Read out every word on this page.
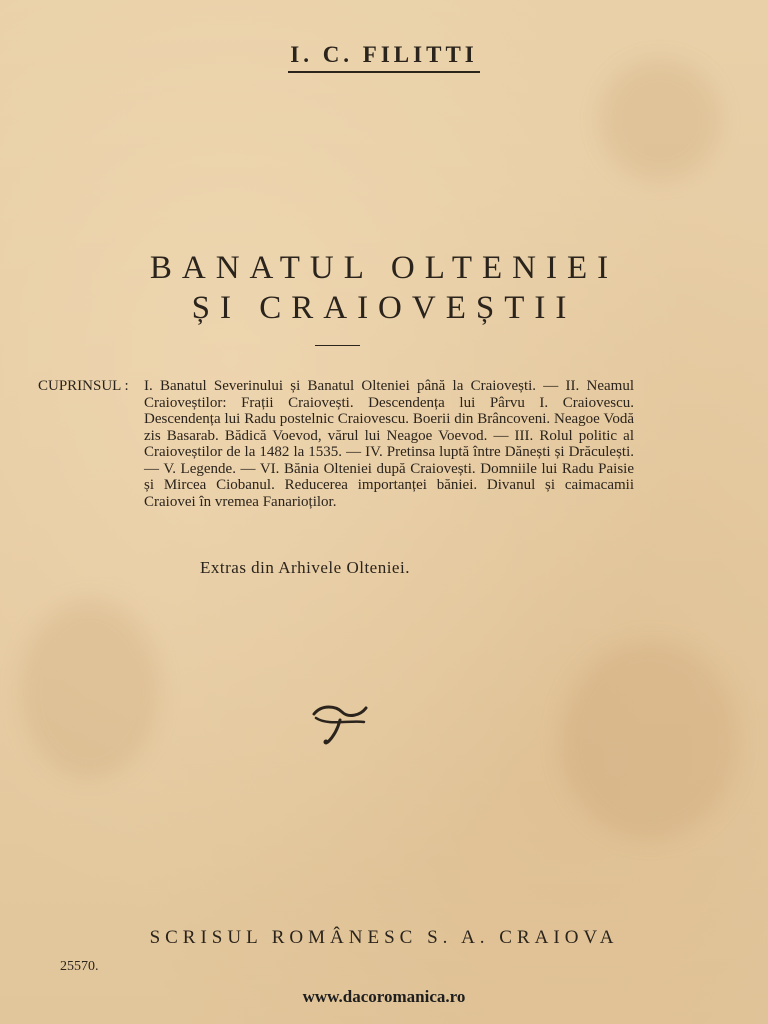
I. C. FILITTI
BANATUL OLTENIEI
ȘI CRAIOVEȘTII
CUPRINSUL :	I. Banatul Severinului și Banatul Olteniei până la Craiovești. — II. Neamul Craioveștilor: Frații Craiovești. Descendența lui Pârvu I. Craiovescu. Descendența lui Radu postelnic Craiovescu. Boerii din Brâncoveni. Neagoe Vodă zis Basarab. Bădică Voevod, vărul lui Neagoe Voevod. — III. Rolul politic al Craioveștilor de la 1482 la 1535. — IV. Pretinsa luptă între Dănești și Drăculești. — V. Legende. — VI. Bănia Olteniei după Craiovești. Domniile lui Radu Paisie și Mircea Ciobanul. Reducerea importanței băniei. Divanul și caimacamii Craiovei în vremea Fanarioților.
Extras din Arhivele Olteniei.
SCRISUL ROMÂNESC S. A. CRAIOVA
25570.
www.dacoromanica.ro
